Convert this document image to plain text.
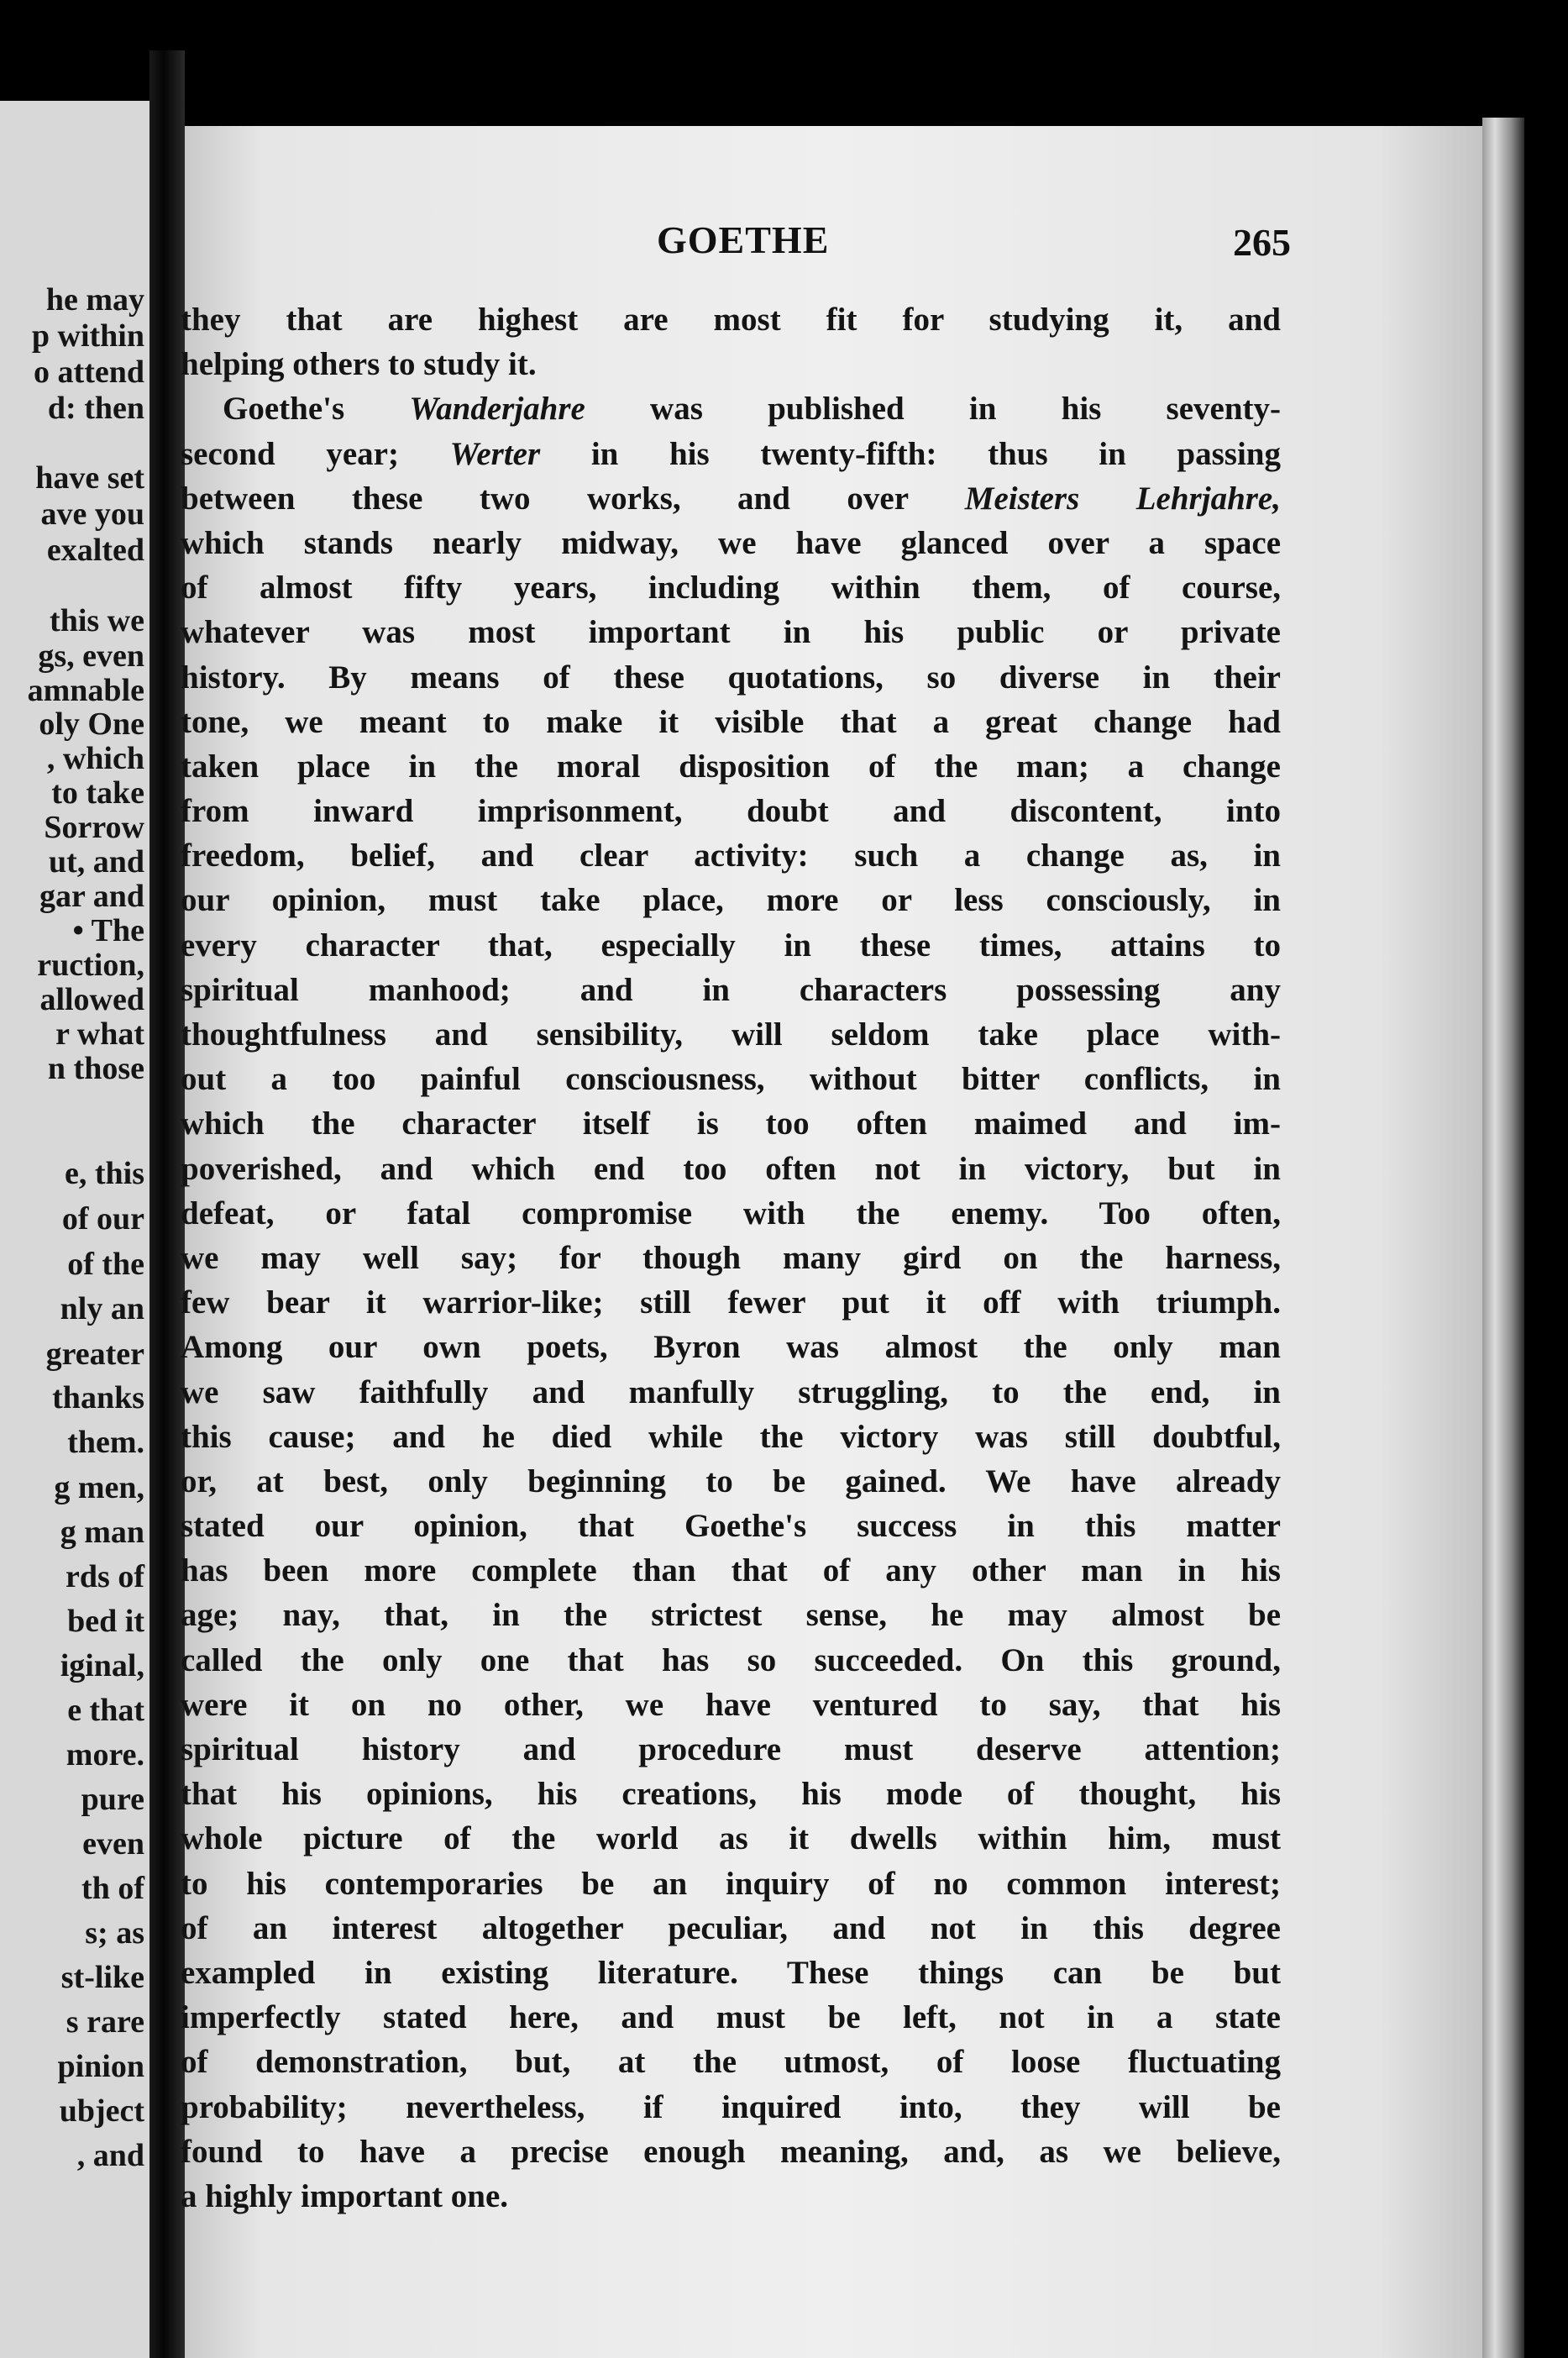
he may

p within

o attend

d: then

have set

ave you

exalted

this we

gs, even

amnable

oly One

, which

to take

Sorrow

ut, and

gar and

• The

ruction,

allowed

r what

n those

e, this

of our

of the

nly an

greater

thanks

them.

g men,

g man

rds of

bed it

iginal,

e that

more.

pure

even

th of

s; as

st-like

s rare

pinion

ubject

, and

GOETHE	265
they that are highest are most fit for studying it, and
helping others to study it.
Goethe's Wanderjahre was published in his seventy-
second year; Werter in his twenty-fifth: thus in passing
between these two works, and over Meisters Lehrjahre,
which stands nearly midway, we have glanced over a space
of almost fifty years, including within them, of course,
whatever was most important in his public or private
history. By means of these quotations, so diverse in their
tone, we meant to make it visible that a great change had
taken place in the moral disposition of the man; a change
from inward imprisonment, doubt and discontent, into
freedom, belief, and clear activity: such a change as, in
our opinion, must take place, more or less consciously, in
every character that, especially in these times, attains to
spiritual manhood; and in characters possessing any
thoughtfulness and sensibility, will seldom take place with-
out a too painful consciousness, without bitter conflicts, in
which the character itself is too often maimed and im-
poverished, and which end too often not in victory, but in
defeat, or fatal compromise with the enemy. Too often,
we may well say; for though many gird on the harness,
few bear it warrior-like; still fewer put it off with triumph.
Among our own poets, Byron was almost the only man
we saw faithfully and manfully struggling, to the end, in
this cause; and he died while the victory was still doubtful,
or, at best, only beginning to be gained. We have already
stated our opinion, that Goethe's success in this matter
has been more complete than that of any other man in his
age; nay, that, in the strictest sense, he may almost be
called the only one that has so succeeded. On this ground,
were it on no other, we have ventured to say, that his
spiritual history and procedure must deserve attention;
that his opinions, his creations, his mode of thought, his
whole picture of the world as it dwells within him, must
to his contemporaries be an inquiry of no common interest;
of an interest altogether peculiar, and not in this degree
exampled in existing literature. These things can be but
imperfectly stated here, and must be left, not in a state
of demonstration, but, at the utmost, of loose fluctuating
probability; nevertheless, if inquired into, they will be
found to have a precise enough meaning, and, as we believe,
a highly important one.
